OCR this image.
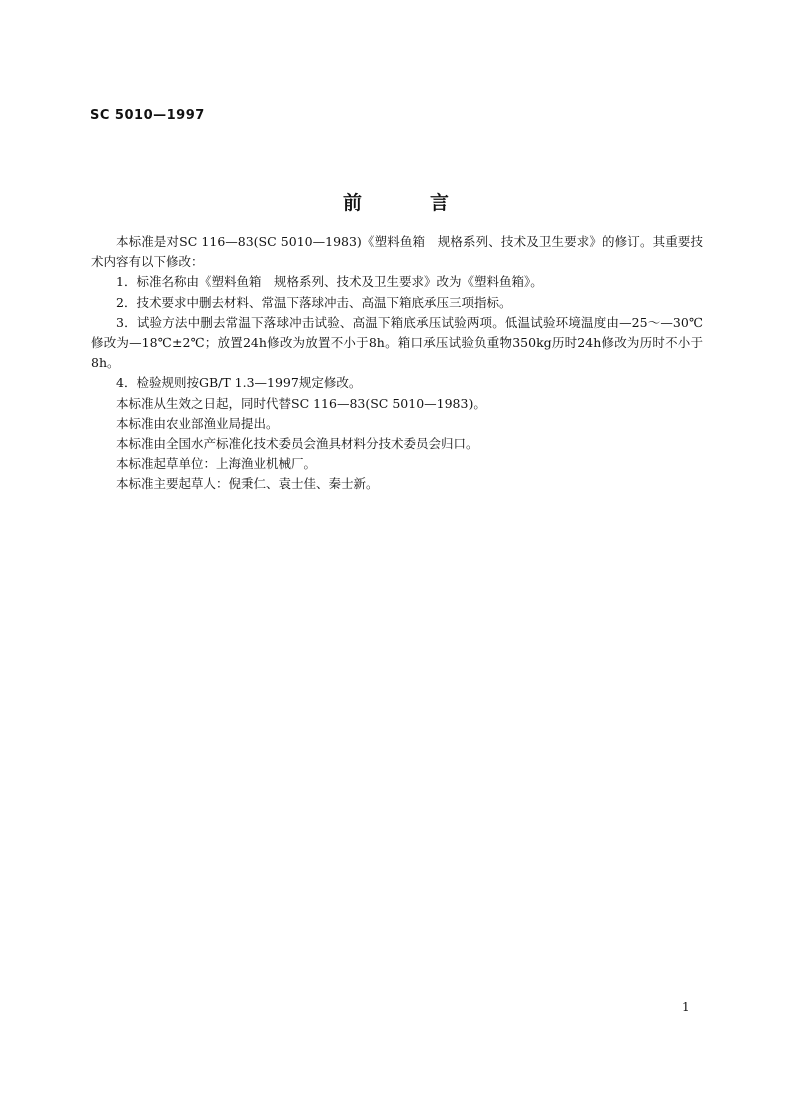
SC 5010—1997
前言

本标准是对SC 116—83(SC 5010—1983)《塑料鱼箱　规格系列、技术及卫生要求》的修订。其重要技术内容有以下修改：

1．标准名称由《塑料鱼箱　规格系列、技术及卫生要求》改为《塑料鱼箱》。

2．技术要求中删去材料、常温下落球冲击、高温下箱底承压三项指标。

3．试验方法中删去常温下落球冲击试验、高温下箱底承压试验两项。低温试验环境温度由—25～—30℃修改为—18℃±2℃；放置24h修改为放置不小于8h。箱口承压试验负重物350kg历时24h修改为历时不小于8h。

4．检验规则按GB/T 1.3—1997规定修改。

本标准从生效之日起，同时代替SC 116—83(SC 5010—1983)。

本标准由农业部渔业局提出。

本标准由全国水产标准化技术委员会渔具材料分技术委员会归口。

本标准起草单位：上海渔业机械厂。

本标准主要起草人：倪秉仁、袁士佳、秦士新。

1
